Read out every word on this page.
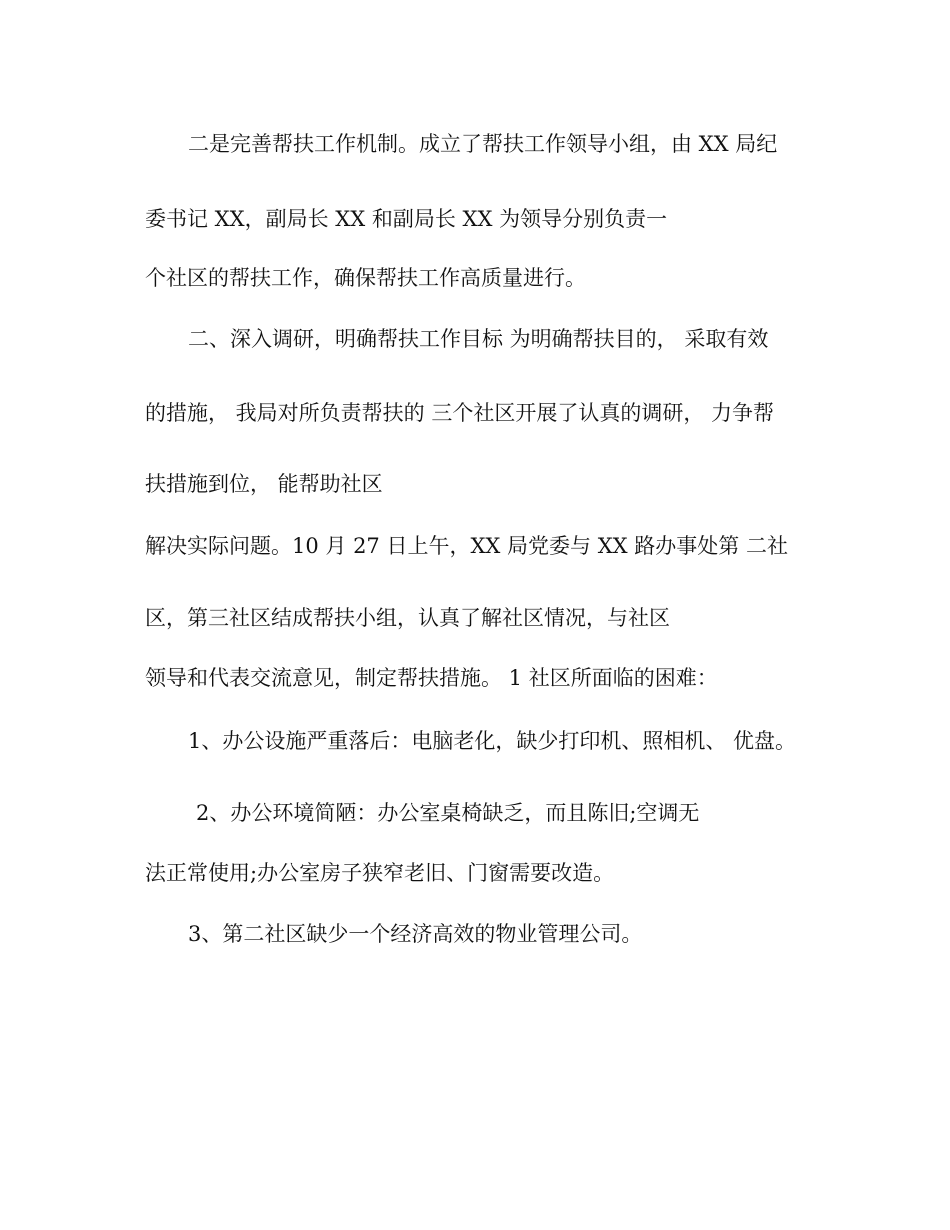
二是完善帮扶工作机制。成立了帮扶工作领导小组，由 XX 局纪
委书记 XX，副局长 XX 和副局长 XX 为领导分别负责一
个社区的帮扶工作，确保帮扶工作高质量进行。
二、深入调研，明确帮扶工作目标 为明确帮扶目的， 采取有效
的措施， 我局对所负责帮扶的 三个社区开展了认真的调研， 力争帮
扶措施到位， 能帮助社区
解决实际问题。10 月 27 日上午，XX 局党委与 XX 路办事处第 二社
区，第三社区结成帮扶小组，认真了解社区情况，与社区
领导和代表交流意见，制定帮扶措施。 1 社区所面临的困难：
1、办公设施严重落后：电脑老化，缺少打印机、照相机、 优盘。
2、办公环境简陋：办公室桌椅缺乏，而且陈旧;空调无
法正常使用;办公室房子狭窄老旧、门窗需要改造。
3、第二社区缺少一个经济高效的物业管理公司。
